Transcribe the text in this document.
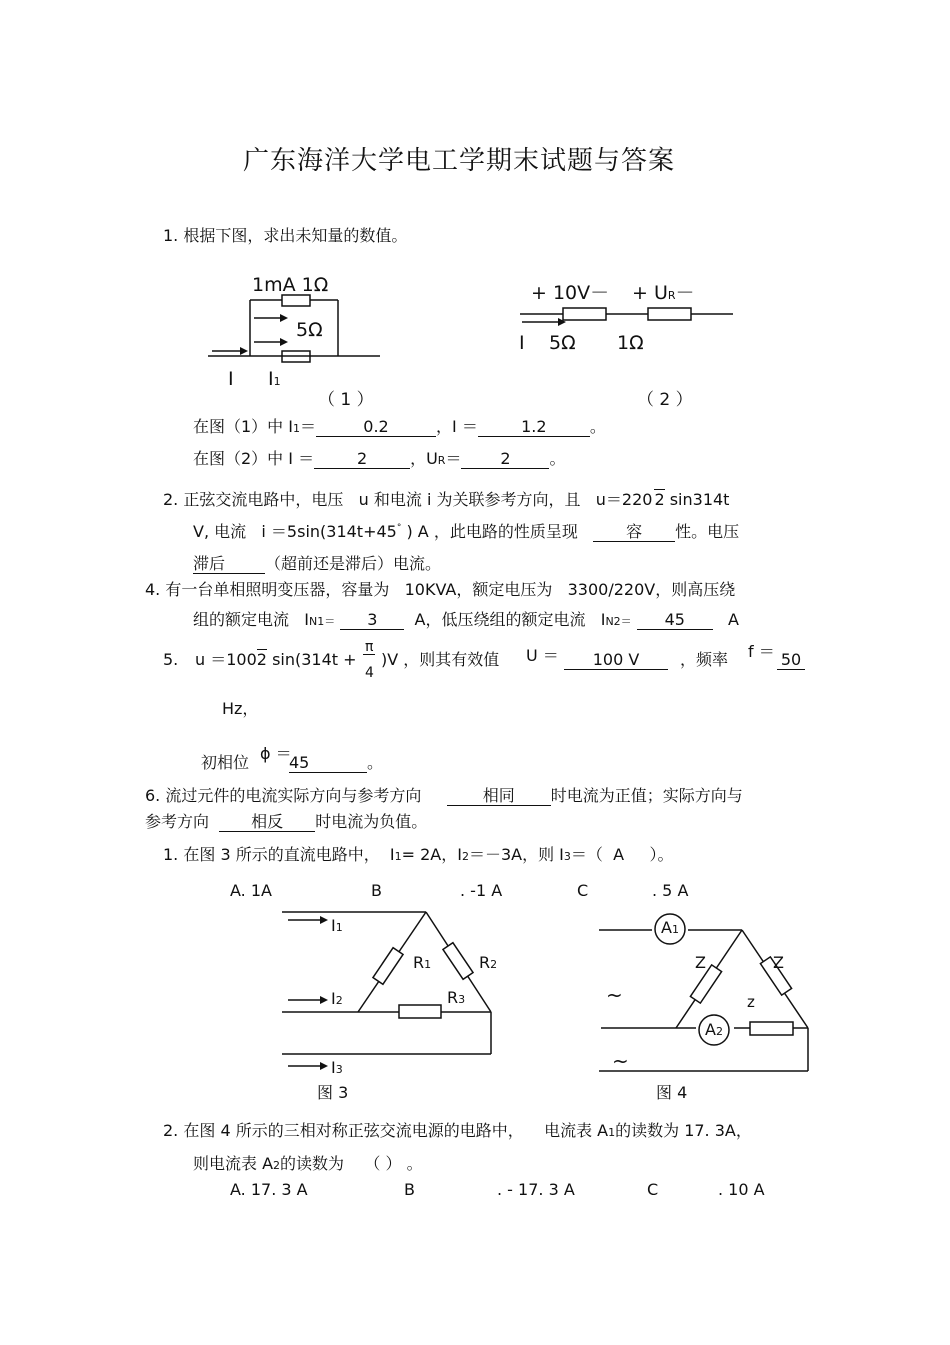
广东海洋大学电工学期末试题与答案
1. 根据下图，求出未知量的数值。
1mA 1Ω
5Ω
I I1
（ 1 ）
+ 10V－ + UR－
I 5Ω 1Ω
（ 2 ）
在图（1）中 I1＝	0.2	，I ＝	1.2	。
在图（2）中 I ＝	2	，UR＝ 2 。
2. 正弦交流电路中，电压 u 和电流 i 为关联参考方向，且 u＝220 2 sin314t
V, 电流 i ＝5sin(314t+45° ) A ，此电路的性质呈现	容 性。电压
滞后 （超前还是滞后）电流。
4. 有一台单相照明变压器，容量为 10KVA，额定电压为 3300/220V，则高压绕
组的额定电流 IN1＝ 3 A，低压绕组的额定电流 IN2＝ 45	A
5. u ＝1002 sin(314t +
π
4
)V ，则其有效值 U ＝	100 V	，频率 f ＝ 50
Hz，
初相位 ϕ ＝
45	。
6. 流过元件的电流实际方向与参考方向	相同 时电流为正值；实际方向与
参考方向	相反 时电流为负值。
1. 在图 3 所示的直流电路中， I1= 2A，I2＝－3A，则 I3＝（ A ）。
A. 1A	B	. -1 A	C	. 5 A
I1
I2
I3
R1	R2
R3
图 3
A1
A2
Z	Z
z
~
~
图 4
2. 在图 4 所示的三相对称正弦交流电源的电路中， 电流表 A1的读数为 17. 3A，
则电流表 A2的读数为 （ ） 。
A. 17. 3 A	B	. - 17. 3 A	C	. 10 A
